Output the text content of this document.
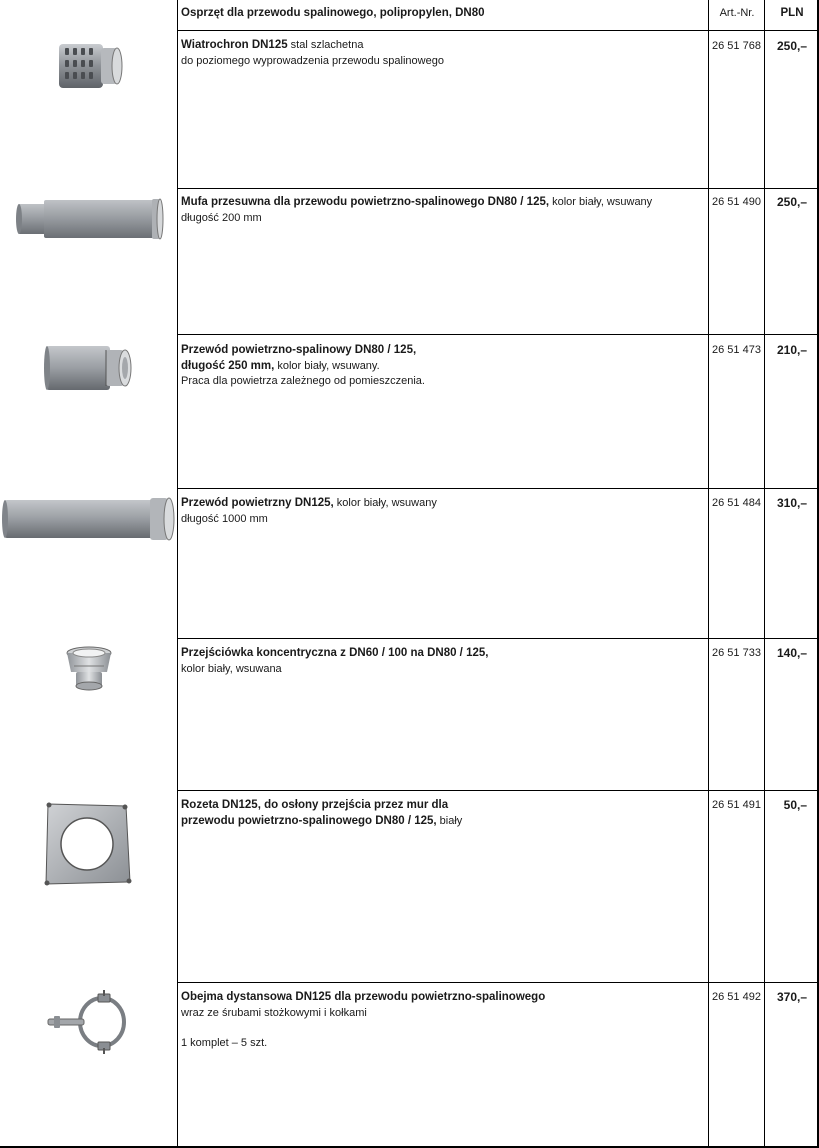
Osprzęt dla przewodu spalinowego, polipropylen, DN80	Art.-Nr.	PLN
Wiatrochron DN125 stal szlachetna
do poziomego wyprowadzenia przewodu spalinowego
26 51 768	250,–
Mufa przesuwna dla przewodu powietrzno-spalinowego DN80 / 125, kolor biały, wsuwany
długość 200 mm
26 51 490	250,–
Przewód powietrzno-spalinowy DN80 / 125,
długość 250 mm, kolor biały, wsuwany.
Praca dla powietrza zależnego od pomieszczenia.
26 51 473	210,–
Przewód powietrzny DN125, kolor biały, wsuwany
długość 1000 mm
26 51 484	310,–
Przejściówka koncentryczna z DN60 / 100 na DN80 / 125,
kolor biały, wsuwana
26 51 733	140,–
Rozeta DN125, do osłony przejścia przez mur dla
przewodu powietrzno-spalinowego DN80 / 125, biały
26 51 491	50,–
Obejma dystansowa DN125 dla przewodu powietrzno-spalinowego
wraz ze śrubami stożkowymi i kołkami
1 komplet – 5 szt.
26 51 492	370,–
